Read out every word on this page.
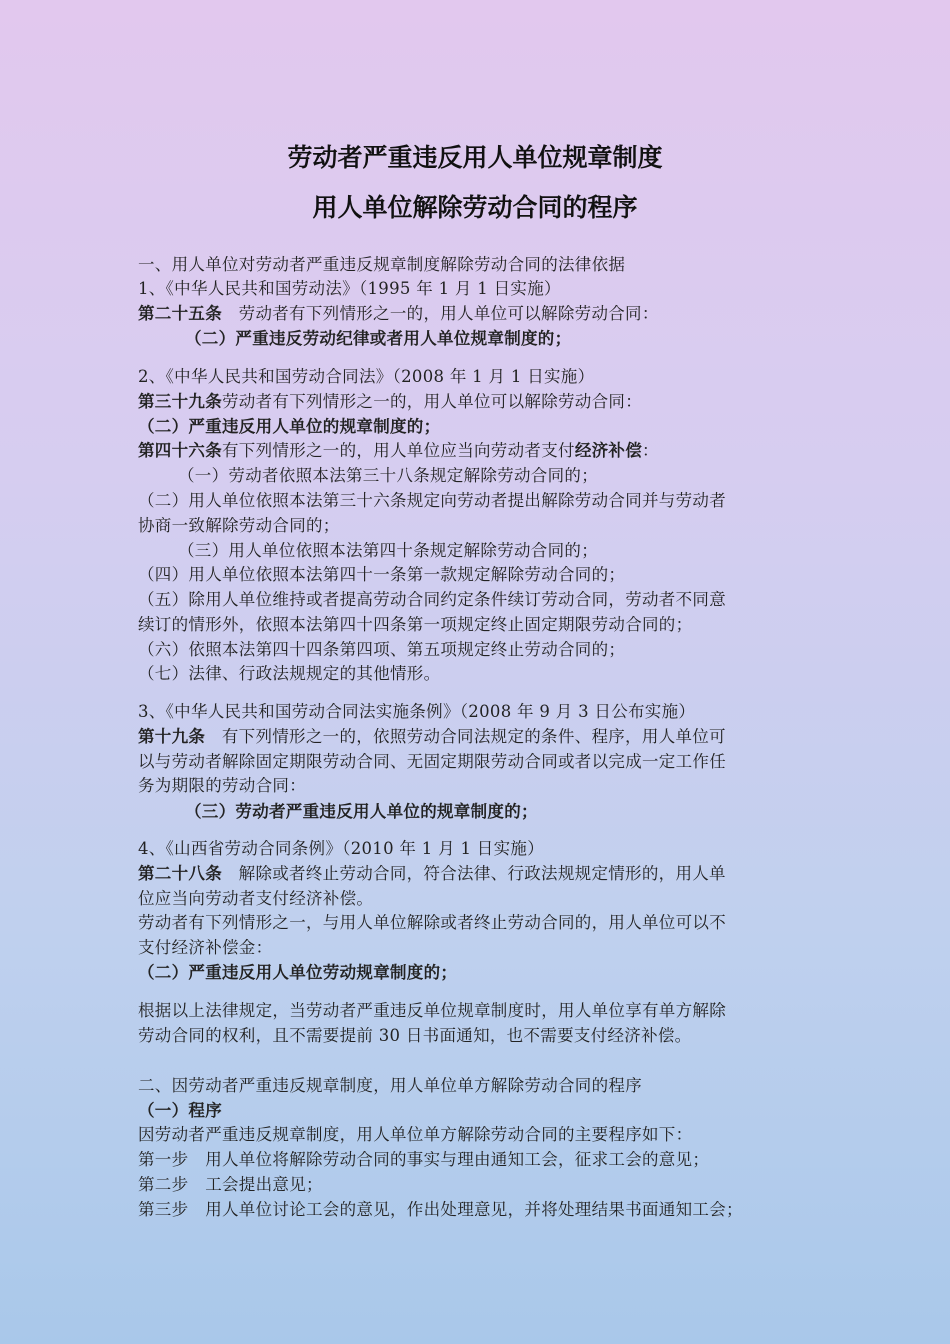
劳动者严重违反用人单位规章制度
用人单位解除劳动合同的程序
一、用人单位对劳动者严重违反规章制度解除劳动合同的法律依据
1、《中华人民共和国劳动法》（1995 年 1 月 1 日实施）
第二十五条 劳动者有下列情形之一的，用人单位可以解除劳动合同：
（二）严重违反劳动纪律或者用人单位规章制度的；
2、《中华人民共和国劳动合同法》（2008 年 1 月 1 日实施）
第三十九条劳动者有下列情形之一的，用人单位可以解除劳动合同：
（二）严重违反用人单位的规章制度的；
第四十六条有下列情形之一的，用人单位应当向劳动者支付经济补偿：
（一）劳动者依照本法第三十八条规定解除劳动合同的；
（二）用人单位依照本法第三十六条规定向劳动者提出解除劳动合同并与劳动者
协商一致解除劳动合同的；
（三）用人单位依照本法第四十条规定解除劳动合同的；
（四）用人单位依照本法第四十一条第一款规定解除劳动合同的；
（五）除用人单位维持或者提高劳动合同约定条件续订劳动合同，劳动者不同意
续订的情形外，依照本法第四十四条第一项规定终止固定期限劳动合同的；
（六）依照本法第四十四条第四项、第五项规定终止劳动合同的；
（七）法律、行政法规规定的其他情形。
3、《中华人民共和国劳动合同法实施条例》（2008 年 9 月 3 日公布实施）
第十九条 有下列情形之一的，依照劳动合同法规定的条件、程序，用人单位可
以与劳动者解除固定期限劳动合同、无固定期限劳动合同或者以完成一定工作任
务为期限的劳动合同：
（三）劳动者严重违反用人单位的规章制度的；
4、《山西省劳动合同条例》（2010 年 1 月 1 日实施）
第二十八条 解除或者终止劳动合同，符合法律、行政法规规定情形的，用人单
位应当向劳动者支付经济补偿。
劳动者有下列情形之一，与用人单位解除或者终止劳动合同的，用人单位可以不
支付经济补偿金：
（二）严重违反用人单位劳动规章制度的；
根据以上法律规定，当劳动者严重违反单位规章制度时，用人单位享有单方解除
劳动合同的权利，且不需要提前 30 日书面通知，也不需要支付经济补偿。
二、因劳动者严重违反规章制度，用人单位单方解除劳动合同的程序
（一）程序
因劳动者严重违反规章制度，用人单位单方解除劳动合同的主要程序如下：
第一步　用人单位将解除劳动合同的事实与理由通知工会，征求工会的意见；
第二步　工会提出意见；
第三步　用人单位讨论工会的意见，作出处理意见，并将处理结果书面通知工会；
